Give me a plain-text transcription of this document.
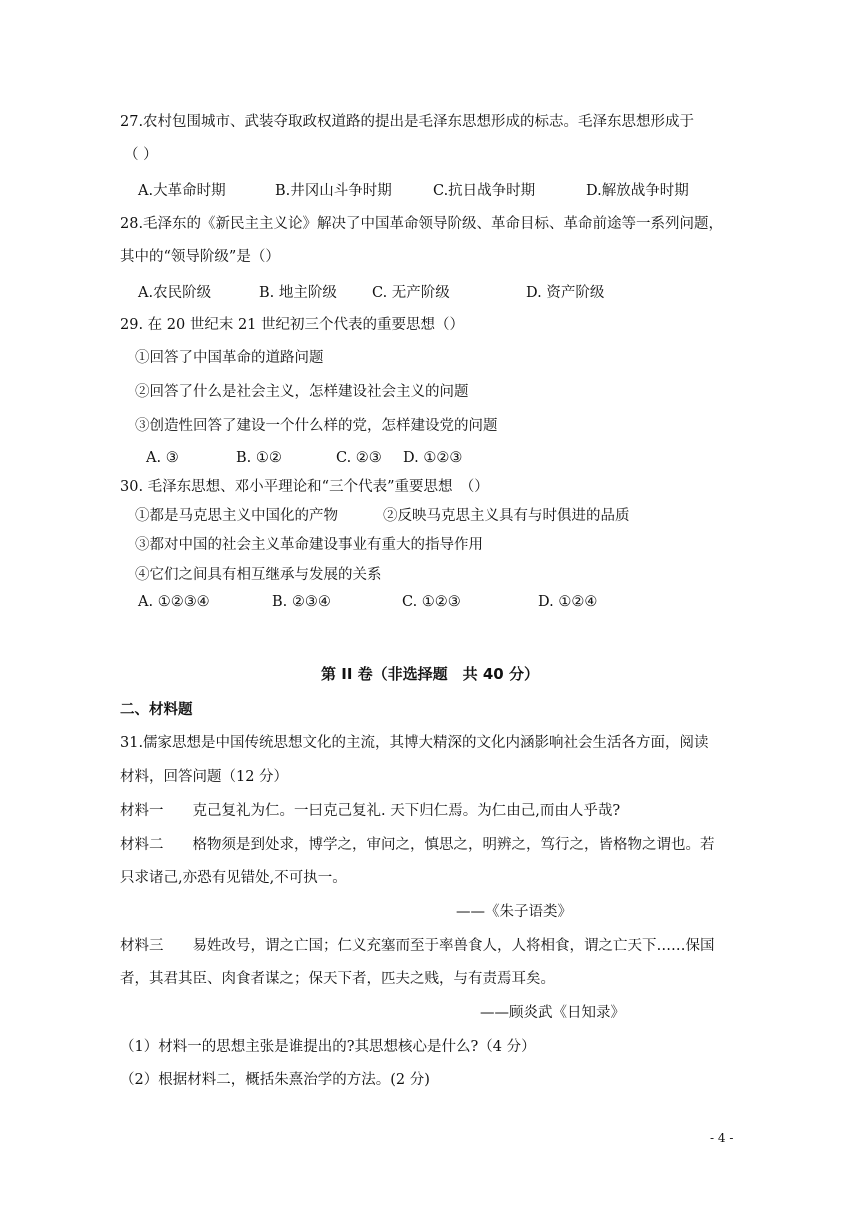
27.农村包围城市、武装夺取政权道路的提出是毛泽东思想形成的标志。毛泽东思想形成于
（ ）
A.大革命时期	B.井冈山斗争时期	C.抗日战争时期	D.解放战争时期
28.毛泽东的《新民主主义论》解决了中国革命领导阶级、革命目标、革命前途等一系列问题，
其中的“领导阶级”是（）
A.农民阶级	B. 地主阶级 C. 无产阶级	D. 资产阶级
29. 在 20 世纪末 21 世纪初三个代表的重要思想（）
①回答了中国革命的道路问题
②回答了什么是社会主义，怎样建设社会主义的问题
③创造性回答了建设一个什么样的党，怎样建设党的问题
A. ③	B. ①②	C. ②③ D. ①②③
30. 毛泽东思想、邓小平理论和“三个代表”重要思想　（）
①都是马克思主义中国化的产物	②反映马克思主义具有与时俱进的品质
③都对中国的社会主义革命建设事业有重大的指导作用
④它们之间具有相互继承与发展的关系
A. ①②③④	B. ②③④	C. ①②③	D. ①②④
第 II 卷（非选择题　共 40 分）
二、材料题
31.儒家思想是中国传统思想文化的主流，其博大精深的文化内涵影响社会生活各方面，阅读
材料，回答问题（12 分）
材料一　　克己复礼为仁。一曰克己复礼. 天下归仁焉。为仁由己,而由人乎哉?
材料二　　格物须是到处求，博学之，审问之，慎思之，明辨之，笃行之，皆格物之谓也。若
只求诸己,亦恐有见错处,不可执一。
——《朱子语类》
材料三　　易姓改号，谓之亡国；仁义充塞而至于率兽食人，人将相食，谓之亡天下……保国
者，其君其臣、肉食者谋之；保天下者，匹夫之贱，与有责焉耳矣。
——顾炎武《日知录》
（1）材料一的思想主张是谁提出的?其思想核心是什么?（4 分）
（2）根据材料二，概括朱熹治学的方法。(2 分)
- 4 -
